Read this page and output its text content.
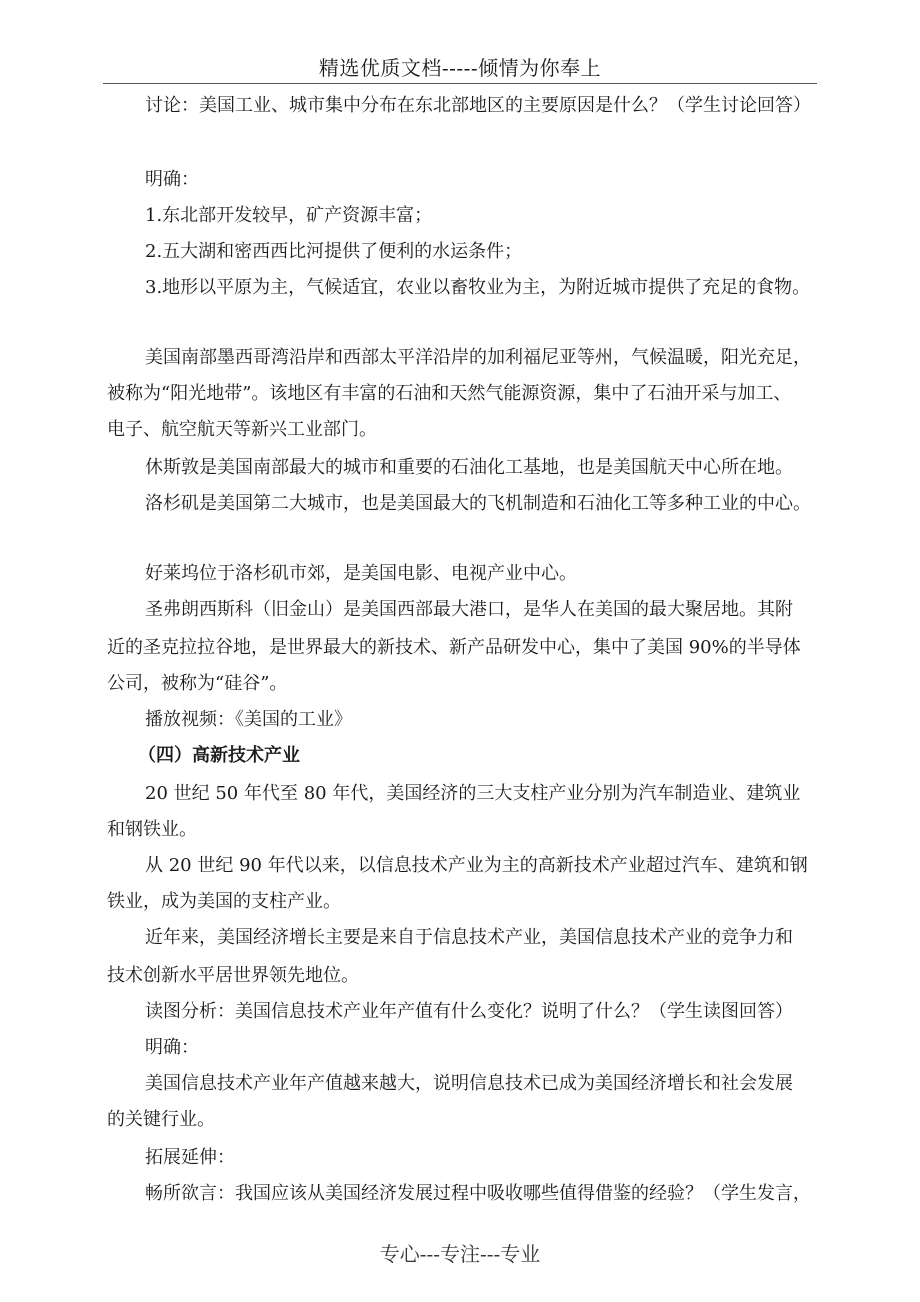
精选优质文档-----倾情为你奉上
讨论：美国工业、城市集中分布在东北部地区的主要原因是什么？（学生讨论回答）
明确：
1.东北部开发较早，矿产资源丰富；
2.五大湖和密西西比河提供了便利的水运条件；
3.地形以平原为主，气候适宜，农业以畜牧业为主，为附近城市提供了充足的食物。
美国南部墨西哥湾沿岸和西部太平洋沿岸的加利福尼亚等州，气候温暖，阳光充足，
被称为“阳光地带”。该地区有丰富的石油和天然气能源资源，集中了石油开采与加工、
电子、航空航天等新兴工业部门。
休斯敦是美国南部最大的城市和重要的石油化工基地，也是美国航天中心所在地。
洛杉矶是美国第二大城市，也是美国最大的飞机制造和石油化工等多种工业的中心。
好莱坞位于洛杉矶市郊，是美国电影、电视产业中心。
圣弗朗西斯科（旧金山）是美国西部最大港口，是华人在美国的最大聚居地。其附
近的圣克拉拉谷地，是世界最大的新技术、新产品研发中心，集中了美国 90%的半导体
公司，被称为“硅谷”。
播放视频：《美国的工业》
（四）高新技术产业
20 世纪 50 年代至 80 年代，美国经济的三大支柱产业分别为汽车制造业、建筑业
和钢铁业。
从 20 世纪 90 年代以来，以信息技术产业为主的高新技术产业超过汽车、建筑和钢
铁业，成为美国的支柱产业。
近年来，美国经济增长主要是来自于信息技术产业，美国信息技术产业的竞争力和
技术创新水平居世界领先地位。
读图分析：美国信息技术产业年产值有什么变化？说明了什么？（学生读图回答）
明确：
美国信息技术产业年产值越来越大，说明信息技术已成为美国经济增长和社会发展
的关键行业。
拓展延伸：
畅所欲言：我国应该从美国经济发展过程中吸收哪些值得借鉴的经验？（学生发言，
专心---专注---专业
